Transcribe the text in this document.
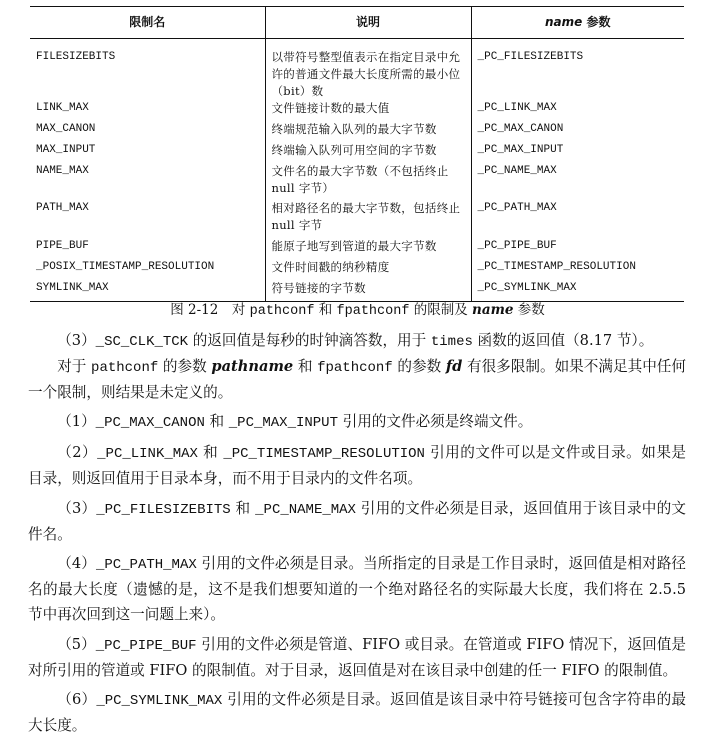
限制名	说明	name 参数
FILESIZEBITS	以带符号整型值表示在指定目录中允许的普通文件最大长度所需的最小位（bit）数	_PC_FILESIZEBITS
LINK_MAX	文件链接计数的最大值	_PC_LINK_MAX
MAX_CANON	终端规范输入队列的最大字节数	_PC_MAX_CANON
MAX_INPUT	终端输入队列可用空间的字节数	_PC_MAX_INPUT
NAME_MAX	文件名的最大字节数（不包括终止 null 字节）	_PC_NAME_MAX
PATH_MAX	相对路径名的最大字节数，包括终止 null 字节	_PC_PATH_MAX
PIPE_BUF	能原子地写到管道的最大字节数	_PC_PIPE_BUF
_POSIX_TIMESTAMP_RESOLUTION	文件时间戳的纳秒精度	_PC_TIMESTAMP_RESOLUTION
SYMLINK_MAX	符号链接的字节数	_PC_SYMLINK_MAX
图 2-12　对 pathconf 和 fpathconf 的限制及 name 参数

（3）_SC_CLK_TCK 的返回值是每秒的时钟滴答数，用于 times 函数的返回值（8.17 节）。

对于 pathconf 的参数 pathname 和 fpathconf 的参数 fd 有很多限制。如果不满足其中任何一个限制，则结果是未定义的。

（1）_PC_MAX_CANON 和 _PC_MAX_INPUT 引用的文件必须是终端文件。

（2）_PC_LINK_MAX 和 _PC_TIMESTAMP_RESOLUTION 引用的文件可以是文件或目录。如果是目录，则返回值用于目录本身，而不用于目录内的文件名项。

（3）_PC_FILESIZEBITS 和 _PC_NAME_MAX 引用的文件必须是目录，返回值用于该目录中的文件名。

（4）_PC_PATH_MAX 引用的文件必须是目录。当所指定的目录是工作目录时，返回值是相对路径名的最大长度（遗憾的是，这不是我们想要知道的一个绝对路径名的实际最大长度，我们将在 2.5.5 节中再次回到这一问题上来）。

（5）_PC_PIPE_BUF 引用的文件必须是管道、FIFO 或目录。在管道或 FIFO 情况下，返回值是对所引用的管道或 FIFO 的限制值。对于目录，返回值是对在该目录中创建的任一 FIFO 的限制值。

（6）_PC_SYMLINK_MAX 引用的文件必须是目录。返回值是该目录中符号链接可包含字符串的最大长度。
